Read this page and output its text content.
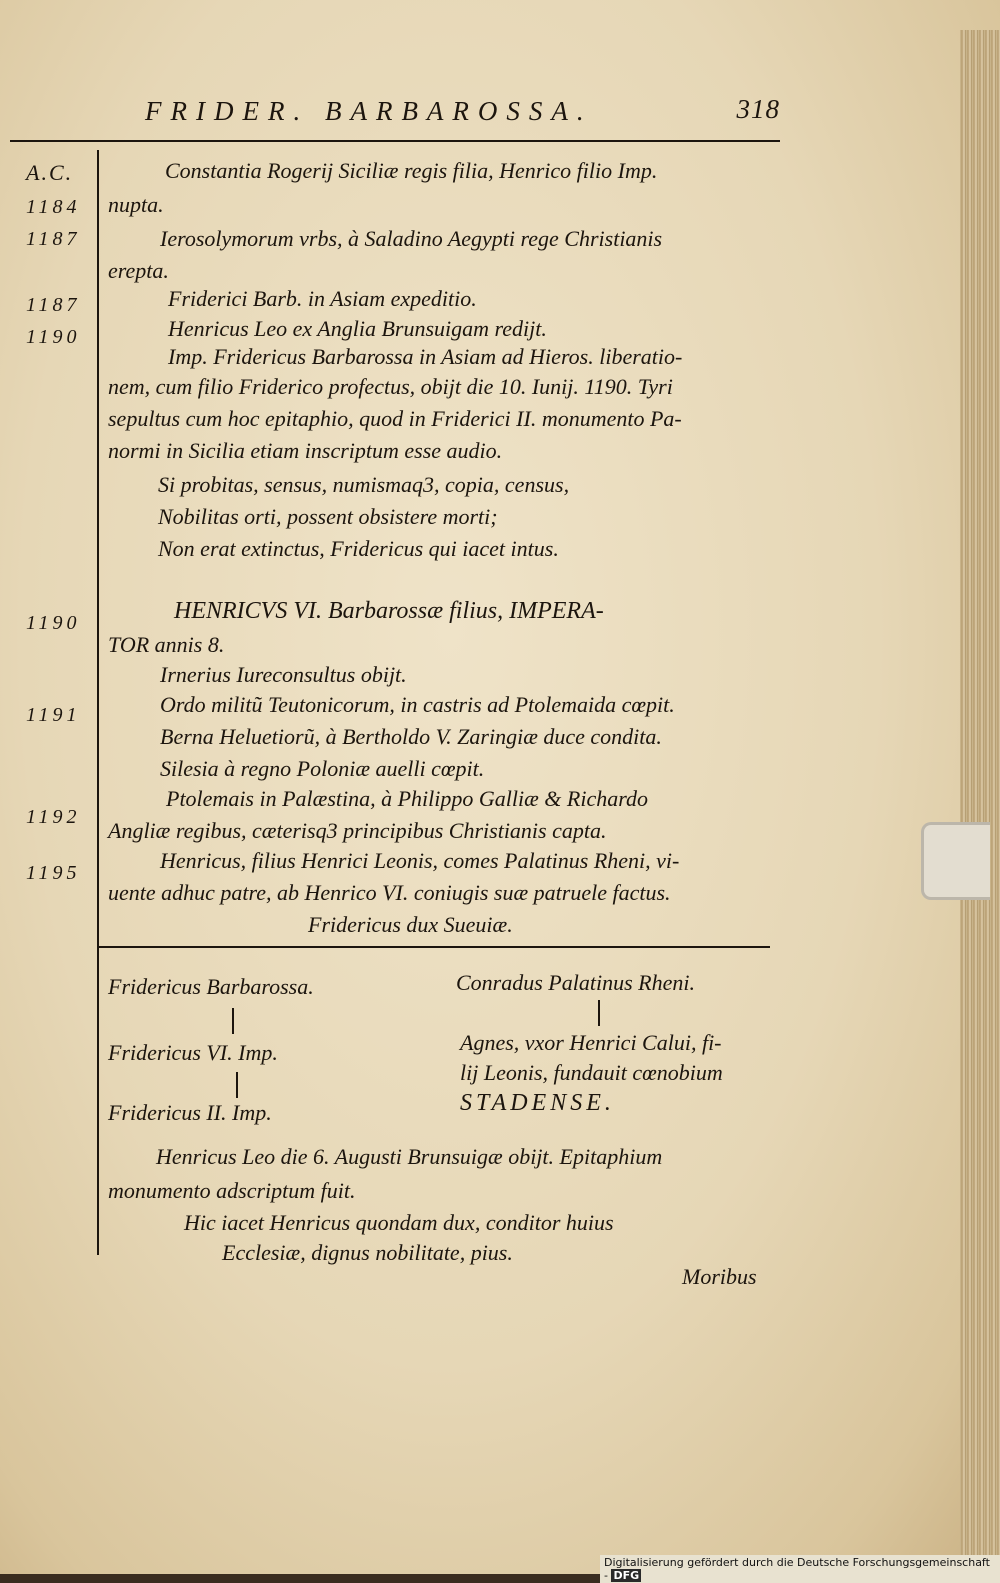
FRIDER. BARBAROSSA.	318
A.C.
1184
1187
1187
1190
1190
1191
1192
1195
Constantia Rogerij Siciliæ regis filia, Henrico filio Imp.
nupta.
Ierosolymorum vrbs, à Saladino Aegypti rege Christianis
erepta.
Friderici Barb. in Asiam expeditio.
Henricus Leo ex Anglia Brunsuigam redijt.
Imp. Fridericus Barbarossa in Asiam ad Hieros. liberatio-
nem, cum filio Friderico profectus, obijt die 10. Iunij. 1190. Tyri
sepultus cum hoc epitaphio, quod in Friderici II. monumento Pa-
normi in Sicilia etiam inscriptum esse audio.
Si probitas, sensus, numismaq3, copia, census,
Nobilitas orti, possent obsistere morti;
Non erat extinctus, Fridericus qui iacet intus.
HENRICVS VI. Barbarossæ filius, IMPERA-
TOR annis 8.
Irnerius Iureconsultus obijt.
Ordo militũ Teutonicorum, in castris ad Ptolemaida cœpit.
Berna Heluetiorũ, à Bertholdo V. Zaringiæ duce condita.
Silesia à regno Poloniæ auelli cœpit.
Ptolemais in Palæstina, à Philippo Galliæ & Richardo
Angliæ regibus, cæterisq3 principibus Christianis capta.
Henricus, filius Henrici Leonis, comes Palatinus Rheni, vi-
uente adhuc patre, ab Henrico VI. coniugis suæ patruele factus.
Fridericus dux Sueuiæ.
Fridericus Barbarossa.
Fridericus VI. Imp.
Fridericus II. Imp.
Conradus Palatinus Rheni.
Agnes, vxor Henrici Calui, fi-
lij Leonis, fundauit cœnobium
STADENSE.
Henricus Leo die 6. Augusti Brunsuigæ obijt. Epitaphium
monumento adscriptum fuit.
Hic iacet Henricus quondam dux, conditor huius
Ecclesiæ, dignus nobilitate, pius.
Moribus
Digitalisierung gefördert durch die Deutsche Forschungsgemeinschaft - DFG
